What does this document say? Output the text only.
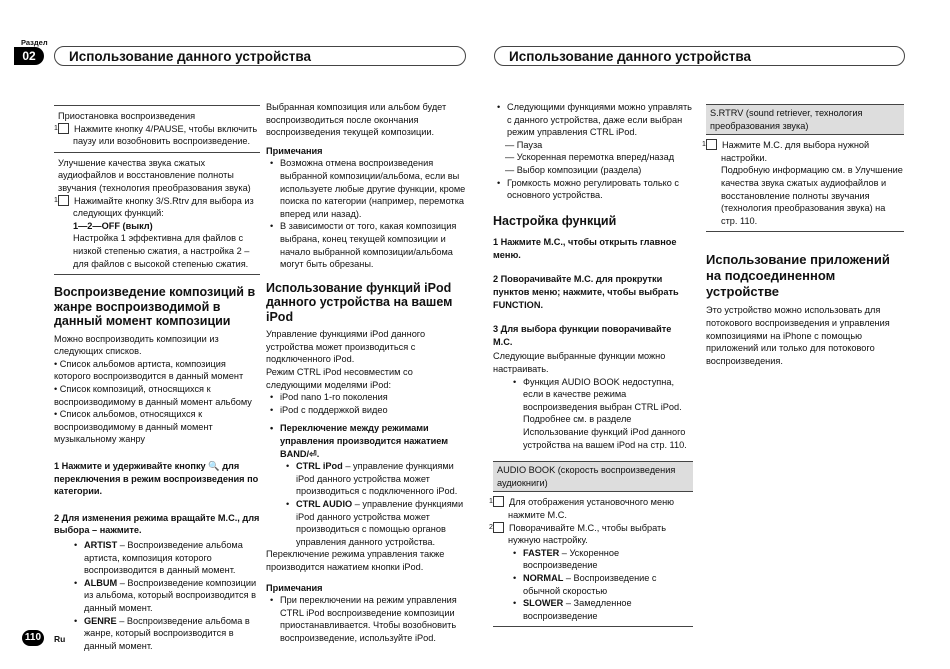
Раздел
02	Использование данного устройства	Использование данного устройства

Приостановка воспроизведения

1 Нажмите кнопку 4/PAUSE, чтобы включить паузу или возобновить воспроизведение.

Улучшение качества звука сжатых аудиофайлов и восстановление полноты звучания (технология преобразования звука)

1 Нажимайте кнопку 3/S.Rtrv для выбора из следующих функций:

1—2—OFF (выкл)

Настройка 1 эффективна для файлов с низкой степенью сжатия, а настройка 2 – для файлов с высокой степенью сжатия.

Воспроизведение композиций в жанре воспроизводимой в данный момент композиции

Можно воспроизводить композиции из следующих списков.

• Список альбомов артиста, композиция которого воспроизводится в данный момент

• Список композиций, относящихся к воспроизводимому в данный момент альбому

• Список альбомов, относящихся к воспроизводимому в данный момент музыкальному жанру

1 Нажмите и удерживайте кнопку 🔍 для переключения в режим воспроизведения по категории.

2 Для изменения режима вращайте M.C., для выбора – нажмите.

• ARTIST – Воспроизведение альбома артиста, композиция которого воспроизводится в данный момент.

• ALBUM – Воспроизведение композиции из альбома, который воспроизводится в данный момент.

• GENRE – Воспроизведение альбома в жанре, который воспроизводится в данный момент.

Выбранная композиция или альбом будет воспроизводиться после окончания воспроизведения текущей композиции.

Примечания

• Возможна отмена воспроизведения выбранной композиции/альбома, если вы используете любые другие функции, кроме поиска по категории (например, перемотка вперед или назад).

• В зависимости от того, какая композиция выбрана, конец текущей композиции и начало выбранной композиции/альбома могут быть обрезаны.

Использование функций iPod данного устройства на вашем iPod

Управление функциями iPod данного устройства может производиться с подключенного iPod.

Режим CTRL iPod несовместим со следующими моделями iPod:

• iPod nano 1-го поколения

• iPod с поддержкой видео

• Переключение между режимами управления производится нажатием BAND/⏎.

• CTRL iPod – управление функциями iPod данного устройства может производиться с подключенного iPod.

• CTRL AUDIO – управление функциями iPod данного устройства может производиться с помощью органов управления данного устройства.

Переключение режима управления также производится нажатием кнопки iPod.

Примечания

• При переключении на режим управления CTRL iPod воспроизведение композиции приостанавливается. Чтобы возобновить воспроизведение, используйте iPod.

• Следующими функциями можно управлять с данного устройства, даже если выбран режим управления CTRL iPod.

— Пауза
— Ускоренная перемотка вперед/назад
— Выбор композиции (раздела)

• Громкость можно регулировать только с основного устройства.

Настройка функций

1 Нажмите M.C., чтобы открыть главное меню.

2 Поворачивайте M.C. для прокрутки пунктов меню; нажмите, чтобы выбрать FUNCTION.

3 Для выбора функции поворачивайте M.C.

Следующие выбранные функции можно настраивать.

• Функция AUDIO BOOK недоступна, если в качестве режима воспроизведения выбран CTRL iPod. Подробнее см. в разделе Использование функций iPod данного устройства на вашем iPod на стр. 110.

AUDIO BOOK (скорость воспроизведения аудиокниги)

1 Для отображения установочного меню нажмите M.C.

2 Поворачивайте M.C., чтобы выбрать нужную настройку.

• FASTER – Ускоренное воспроизведение

• NORMAL – Воспроизведение с обычной скоростью

• SLOWER – Замедленное воспроизведение

S.RTRV (sound retriever, технология преобразования звука)

1 Нажмите M.C. для выбора нужной настройки.

Подробную информацию см. в Улучшение качества звука сжатых аудиофайлов и восстановление полноты звучания (технология преобразования звука) на стр. 110.

Использование приложений на подсоединенном устройстве

Это устройство можно использовать для потокового воспроизведения и управления композициями на iPhone с помощью приложений или только для потокового воспроизведения.

110	Ru
